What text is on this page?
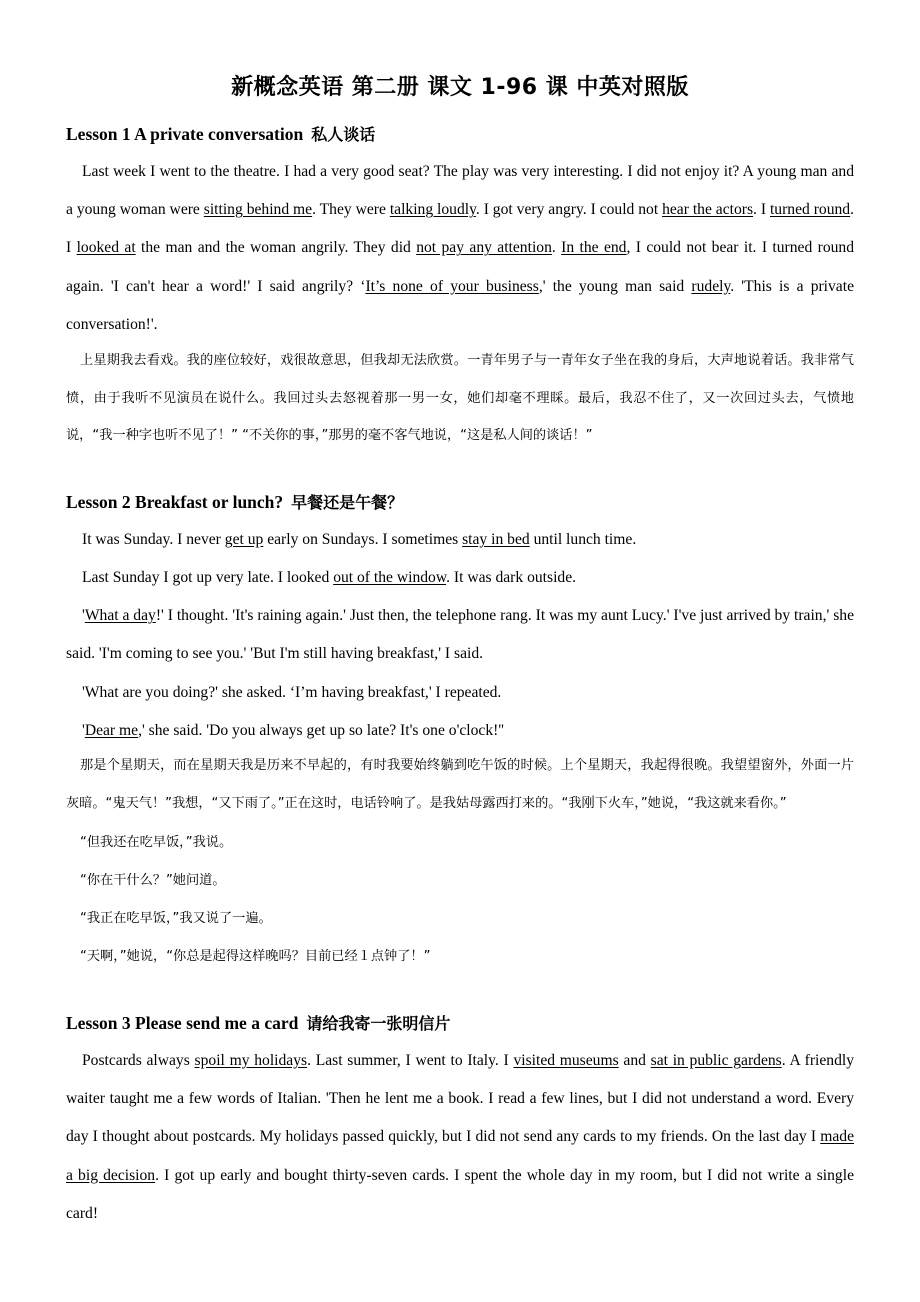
新概念英语 第二册 课文 1-96 课 中英对照版
Lesson 1 A private conversation 私人谈话

Last week I went to the theatre. I had a very good seat? The play was very interesting. I did not enjoy it? A young man and a young woman were sitting behind me. They were talking loudly. I got very angry. I could not hear the actors. I turned round. I looked at the man and the woman angrily. They did not pay any attention. In the end, I could not bear it. I turned round again. 'I can't hear a word!' I said angrily? ‘It’s none of your business,' the young man said rudely. 'This is a private conversation!'.

上星期我去看戏。我的座位较好，戏很故意思，但我却无法欣赏。一青年男子与一青年女子坐在我的身后，大声地说着话。我非常气愤，由于我听不见演员在说什么。我回过头去怒视着那一男一女，她们却毫不理睬。最后，我忍不住了，又一次回过头去，气愤地说，“我一种字也听不见了！” “不关你的事，”那男的毫不客气地说，“这是私人间的谈话！”

Lesson 2 Breakfast or lunch? 早餐还是午餐？

It was Sunday. I never get up early on Sundays. I sometimes stay in bed until lunch time.

Last Sunday I got up very late. I looked out of the window. It was dark outside.

'What a day!' I thought. 'It's raining again.' Just then, the telephone rang. It was my aunt Lucy.' I've just arrived by train,' she said. 'I'm coming to see you.' 'But I'm still having breakfast,' I said.

'What are you doing?' she asked. ‘I’m having breakfast,' I repeated.

'Dear me,' she said. 'Do you always get up so late? It's one o'clock!''

那是个星期天，而在星期天我是历来不早起的，有时我要始终躺到吃午饭的时候。上个星期天，我起得很晚。我望望窗外，外面一片灰暗。“鬼天气！”我想，“又下雨了。”正在这时，电话铃响了。是我姑母露西打来的。“我刚下火车，”她说，“我这就来看你。”

“但我还在吃早饭，”我说。

“你在干什么？”她问道。

“我正在吃早饭，”我又说了一遍。

“天啊，”她说，“你总是起得这样晚吗？目前已经１点钟了！”

Lesson 3 Please send me a card 请给我寄一张明信片

Postcards always spoil my holidays. Last summer, I went to Italy. I visited museums and sat in public gardens. A friendly waiter taught me a few words of Italian. 'Then he lent me a book. I read a few lines, but I did not understand a word. Every day I thought about postcards. My holidays passed quickly, but I did not send any cards to my friends. On the last day I made a big decision. I got up early and bought thirty-seven cards. I spent the whole day in my room, but I did not write a single card!
